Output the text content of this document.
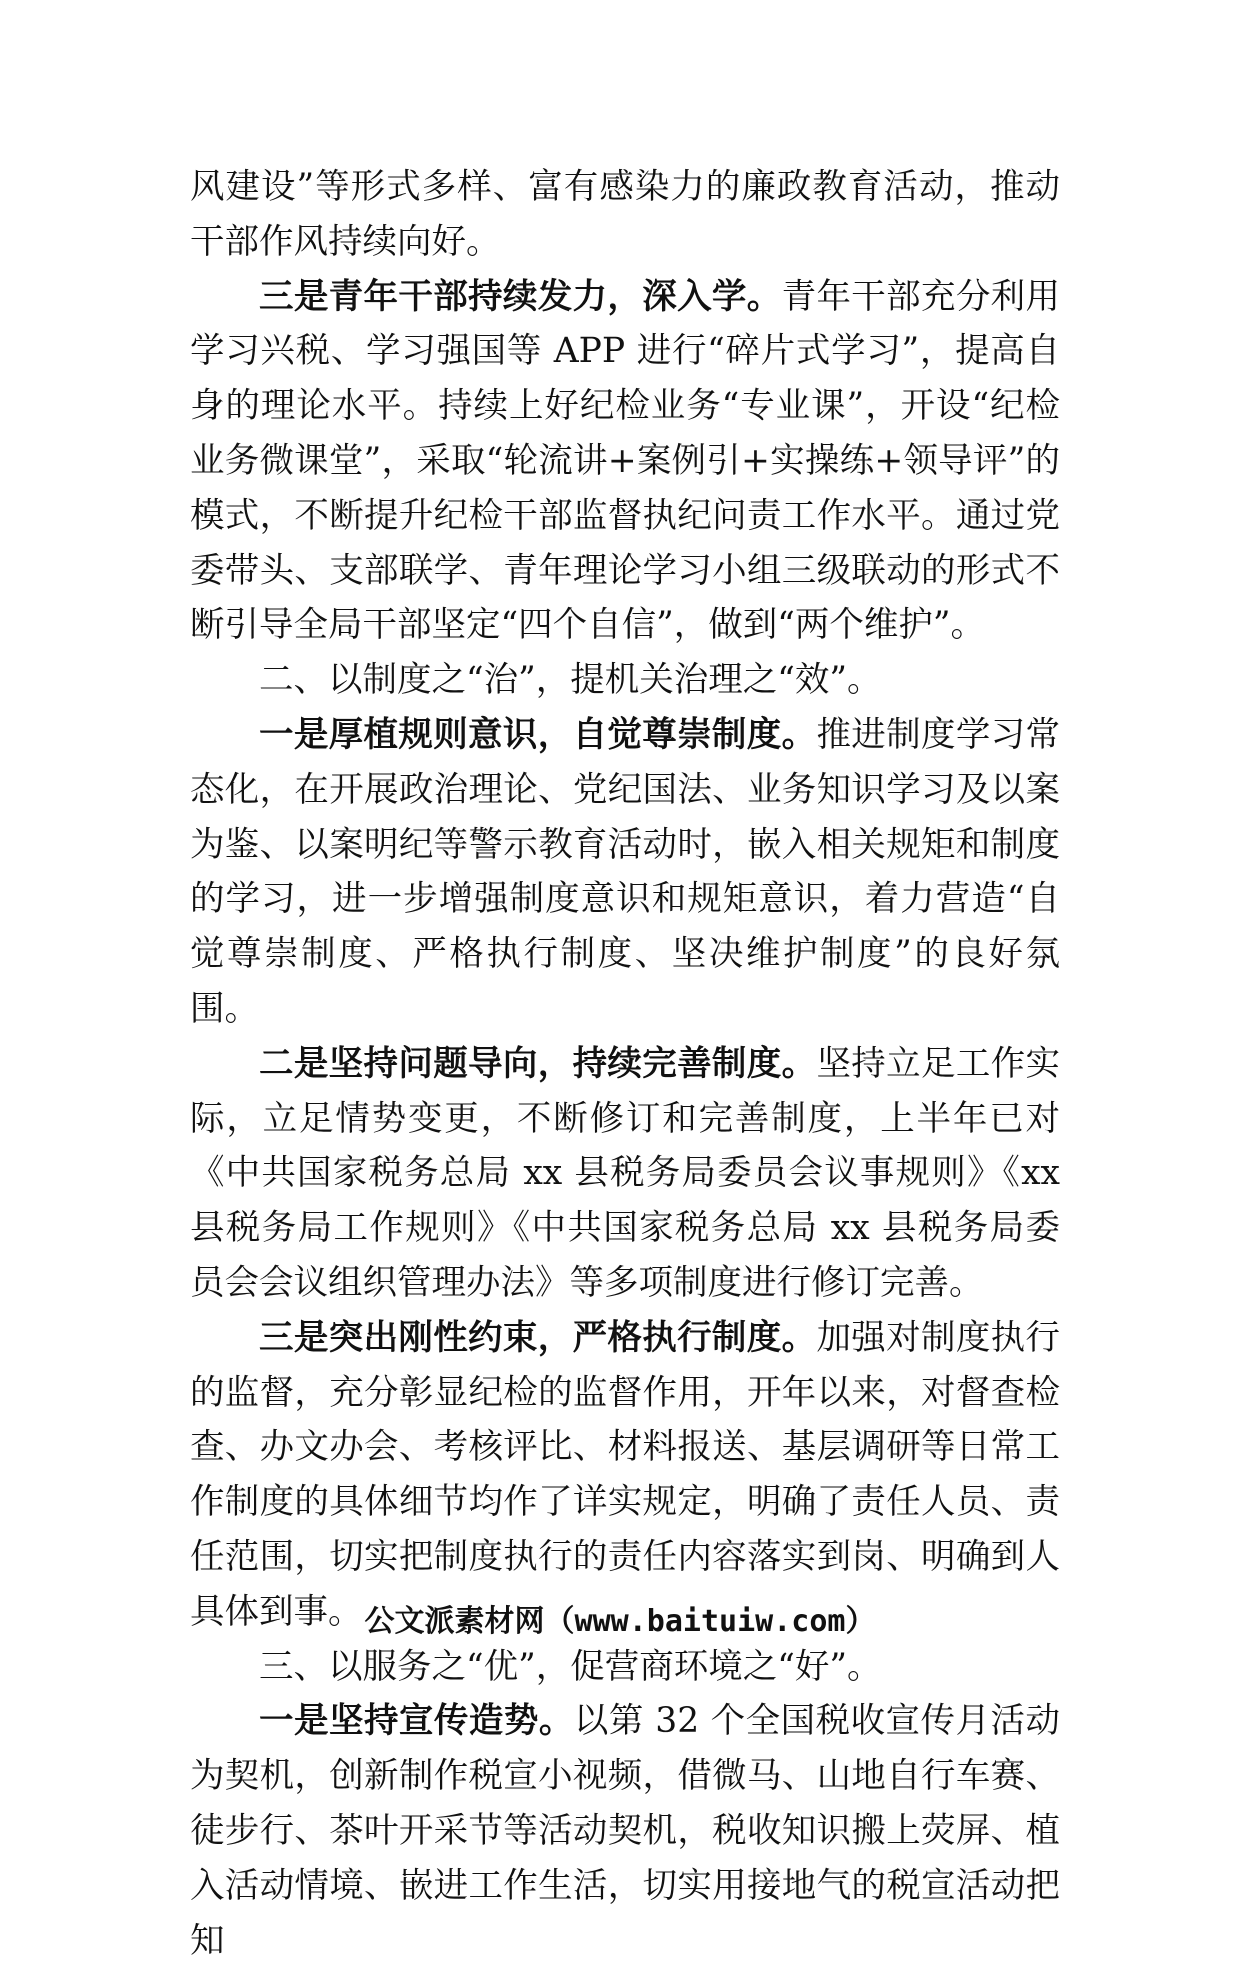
风建设”等形式多样、富有感染力的廉政教育活动，推动干部作风持续向好。

三是青年干部持续发力，深入学。青年干部充分利用学习兴税、学习强国等 APP 进行“碎片式学习”，提高自身的理论水平。持续上好纪检业务“专业课”，开设“纪检业务微课堂”，采取“轮流讲+案例引+实操练+领导评”的模式，不断提升纪检干部监督执纪问责工作水平。通过党委带头、支部联学、青年理论学习小组三级联动的形式不断引导全局干部坚定“四个自信”，做到“两个维护”。

二、以制度之“治”，提机关治理之“效”。

一是厚植规则意识，自觉尊崇制度。推进制度学习常态化，在开展政治理论、党纪国法、业务知识学习及以案为鉴、以案明纪等警示教育活动时，嵌入相关规矩和制度的学习，进一步增强制度意识和规矩意识，着力营造“自觉尊崇制度、严格执行制度、坚决维护制度”的良好氛围。

二是坚持问题导向，持续完善制度。坚持立足工作实际，立足情势变更，不断修订和完善制度，上半年已对《中共国家税务总局 xx 县税务局委员会议事规则》《xx 县税务局工作规则》《中共国家税务总局 xx 县税务局委员会会议组织管理办法》等多项制度进行修订完善。

三是突出刚性约束，严格执行制度。加强对制度执行的监督，充分彰显纪检的监督作用，开年以来，对督查检查、办文办会、考核评比、材料报送、基层调研等日常工作制度的具体细节均作了详实规定，明确了责任人员、责任范围，切实把制度执行的责任内容落实到岗、明确到人具体到事。

三、以服务之“优”，促营商环境之“好”。

一是坚持宣传造势。以第 32 个全国税收宣传月活动为契机，创新制作税宣小视频，借微马、山地自行车赛、徒步行、茶叶开采节等活动契机，税收知识搬上荧屏、植入活动情境、嵌进工作生活，切实用接地气的税宣活动把知

公文派素材网（www.baituiw.com）
